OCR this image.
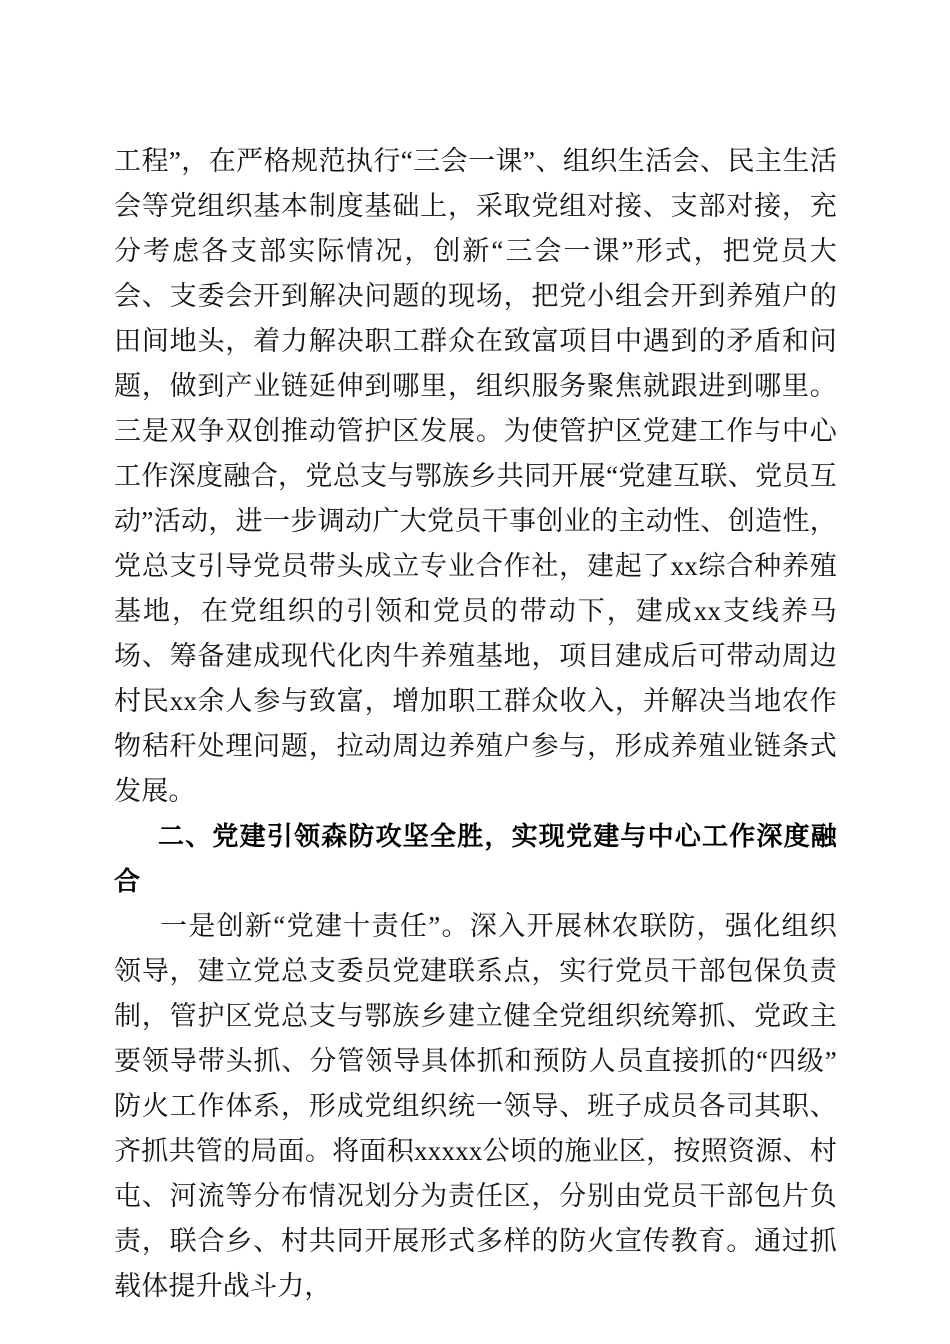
工程”，在严格规范执行“三会一课”、组织生活会、民主生活会等党组织基本制度基础上，采取党组对接、支部对接，充分考虑各支部实际情况，创新“三会一课”形式，把党员大会、支委会开到解决问题的现场，把党小组会开到养殖户的田间地头，着力解决职工群众在致富项目中遇到的矛盾和问题，做到产业链延伸到哪里，组织服务聚焦就跟进到哪里。三是双争双创推动管护区发展。为使管护区党建工作与中心工作深度融合，党总支与鄂族乡共同开展“党建互联、党员互动”活动，进一步调动广大党员干事创业的主动性、创造性，党总支引导党员带头成立专业合作社，建起了xx综合种养殖基地，在党组织的引领和党员的带动下，建成xx支线养马场、筹备建成现代化肉牛养殖基地，项目建成后可带动周边村民xx余人参与致富，增加职工群众收入，并解决当地农作物秸秆处理问题，拉动周边养殖户参与，形成养殖业链条式发展。

二、党建引领森防攻坚全胜，实现党建与中心工作深度融合

一是创新“党建十责任”。深入开展林农联防，强化组织领导，建立党总支委员党建联系点，实行党员干部包保负责制，管护区党总支与鄂族乡建立健全党组织统筹抓、党政主要领导带头抓、分管领导具体抓和预防人员直接抓的“四级”防火工作体系，形成党组织统一领导、班子成员各司其职、齐抓共管的局面。将面积xxxxx公顷的施业区，按照资源、村屯、河流等分布情况划分为责任区，分别由党员干部包片负责，联合乡、村共同开展形式多样的防火宣传教育。通过抓载体提升战斗力，
